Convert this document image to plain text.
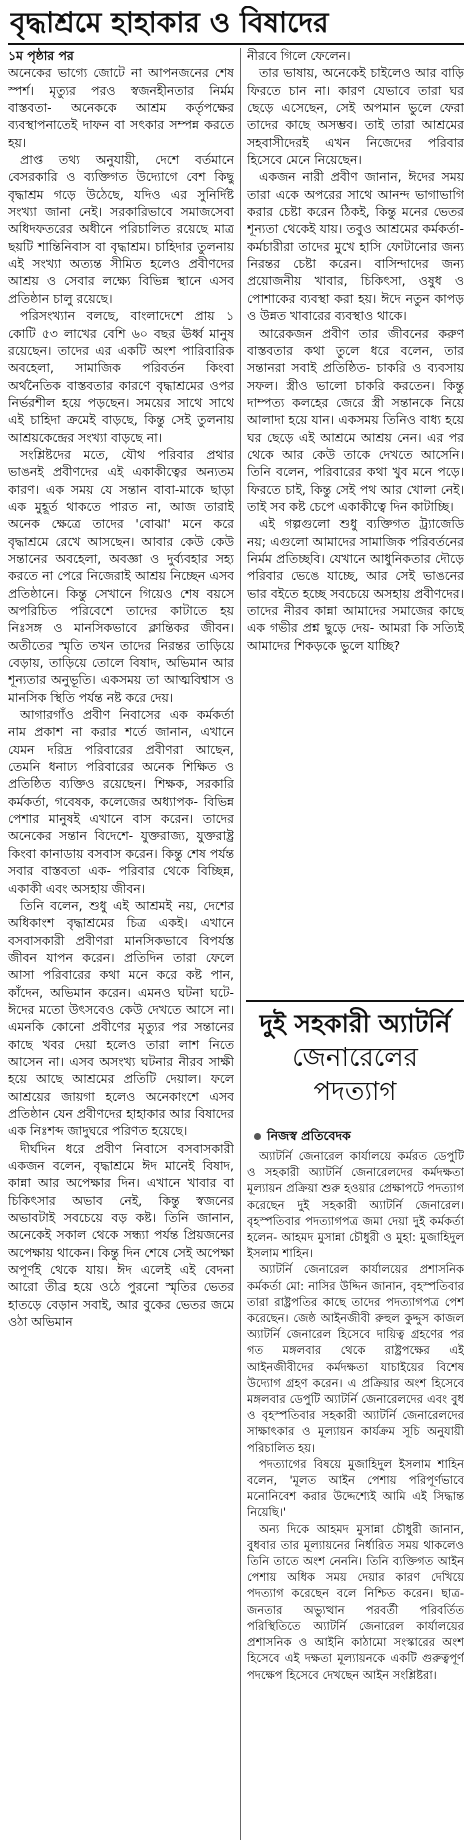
বৃদ্ধাশ্রমে হাহাকার ও বিষাদের

১ম পৃষ্ঠার পর

অনেকের ভাগ্যে জোটে না আপনজনের শেষ স্পর্শ। মৃত্যুর পরও স্বজনহীনতার নির্মম বাস্তবতা- অনেককে আশ্রম কর্তৃপক্ষের ব্যবস্থাপনাতেই দাফন বা সৎকার সম্পন্ন করতে হয়।

প্রাপ্ত তথ্য অনুযায়ী, দেশে বর্তমানে বেসরকারি ও ব্যক্তিগত উদ্যোগে বেশ কিছু বৃদ্ধাশ্রম গড়ে উঠেছে, যদিও এর সুনির্দিষ্ট সংখ্যা জানা নেই। সরকারিভাবে সমাজসেবা অধিদফতরের অধীনে পরিচালিত রয়েছে মাত্র ছয়টি শান্তিনিবাস বা বৃদ্ধাশ্রম। চাহিদার তুলনায় এই সংখ্যা অত্যন্ত সীমিত হলেও প্রবীণদের আশ্রয় ও সেবার লক্ষ্যে বিভিন্ন স্থানে এসব প্রতিষ্ঠান চালু রয়েছে।

পরিসংখ্যান বলছে, বাংলাদেশে প্রায় ১ কোটি ৫৩ লাখের বেশি ৬০ বছর ঊর্ধ্ব মানুষ রয়েছেন। তাদের এর একটি অংশ পারিবারিক অবহেলা, সামাজিক পরিবর্তন কিংবা অর্থনৈতিক বাস্তবতার কারণে বৃদ্ধাশ্রমের ওপর নির্ভরশীল হয়ে পড়ছেন। সময়ের সাথে সাথে এই চাহিদা ক্রমেই বাড়ছে, কিন্তু সেই তুলনায় আশ্রয়কেন্দ্রের সংখ্যা বাড়ছে না।

সংশ্লিষ্টদের মতে, যৌথ পরিবার প্রথার ভাঙনই প্রবীণদের এই একাকীত্বের অন্যতম কারণ। এক সময় যে সন্তান বাবা-মাকে ছাড়া এক মুহূর্ত থাকতে পারত না, আজ তারাই অনেক ক্ষেত্রে তাদের 'বোঝা' মনে করে বৃদ্ধাশ্রমে রেখে আসছেন। আবার কেউ কেউ সন্তানের অবহেলা, অবজ্ঞা ও দুর্ব্যবহার সহ্য করতে না পেরে নিজেরাই আশ্রয় নিচ্ছেন এসব প্রতিষ্ঠানে। কিন্তু সেখানে গিয়েও শেষ বয়সে অপরিচিত পরিবেশে তাদের কাটাতে হয় নিঃসঙ্গ ও মানসিকভাবে ক্লান্তিকর জীবন। অতীতের স্মৃতি তখন তাদের নিরন্তর তাড়িয়ে বেড়ায়, তাড়িয়ে তোলে বিষাদ, অভিমান আর শূন্যতার অনুভূতি। একসময় তা আত্মবিশ্বাস ও মানসিক স্থিতি পর্যন্ত নষ্ট করে দেয়।

আগারগাঁও প্রবীণ নিবাসের এক কর্মকর্তা নাম প্রকাশ না করার শর্তে জানান, এখানে যেমন দরিদ্র পরিবারের প্রবীণরা আছেন, তেমনি ধনাঢ্য পরিবারের অনেক শিক্ষিত ও প্রতিষ্ঠিত ব্যক্তিও রয়েছেন। শিক্ষক, সরকারি কর্মকর্তা, গবেষক, কলেজের অধ্যাপক- বিভিন্ন পেশার মানুষই এখানে বাস করেন। তাদের অনেকের সন্তান বিদেশে- যুক্তরাজ্য, যুক্তরাষ্ট্র কিংবা কানাডায় বসবাস করেন। কিন্তু শেষ পর্যন্ত সবার বাস্তবতা এক- পরিবার থেকে বিচ্ছিন্ন, একাকী এবং অসহায় জীবন।

তিনি বলেন, শুধু এই আশ্রমই নয়, দেশের অধিকাংশ বৃদ্ধাশ্রমের চিত্র একই। এখানে বসবাসকারী প্রবীণরা মানসিকভাবে বিপর্যস্ত জীবন যাপন করেন। প্রতিদিন তারা ফেলে আসা পরিবারের কথা মনে করে কষ্ট পান, কাঁদেন, অভিমান করেন। এমনও ঘটনা ঘটে- ঈদের মতো উৎসবেও কেউ দেখতে আসে না। এমনকি কোনো প্রবীণের মৃত্যুর পর সন্তানের কাছে খবর দেয়া হলেও তারা লাশ নিতে আসেন না। এসব অসংখ্য ঘটনার নীরব সাক্ষী হয়ে আছে আশ্রমের প্রতিটি দেয়াল। ফলে আশ্রয়ের জায়গা হলেও অনেকাংশে এসব প্রতিষ্ঠান যেন প্রবীণদের হাহাকার আর বিষাদের এক নিঃশব্দ জাদুঘরে পরিণত হয়েছে।

দীর্ঘদিন ধরে প্রবীণ নিবাসে বসবাসকারী একজন বলেন, বৃদ্ধাশ্রমে ঈদ মানেই বিষাদ, কান্না আর অপেক্ষার দিন। এখানে খাবার বা চিকিৎসার অভাব নেই, কিন্তু স্বজনের অভাবটাই সবচেয়ে বড় কষ্ট। তিনি জানান, অনেকেই সকাল থেকে সন্ধ্যা পর্যন্ত প্রিয়জনের অপেক্ষায় থাকেন। কিন্তু দিন শেষে সেই অপেক্ষা অপূর্ণই থেকে যায়। ঈদ এলেই এই বেদনা আরো তীব্র হয়ে ওঠে পুরনো স্মৃতির ভেতর হাতড়ে বেড়ান সবাই, আর বুকের ভেতর জমে ওঠা অভিমান

নীরবে গিলে ফেলেন।

তার ভাষায়, অনেকেই চাইলেও আর বাড়ি ফিরতে চান না। কারণ যেভাবে তারা ঘর ছেড়ে এসেছেন, সেই অপমান ভুলে ফেরা তাদের কাছে অসম্ভব। তাই তারা আশ্রমের সহবাসীদেরই এখন নিজেদের পরিবার হিসেবে মেনে নিয়েছেন।

একজন নারী প্রবীণ জানান, ঈদের সময় তারা একে অপরের সাথে আনন্দ ভাগাভাগি করার চেষ্টা করেন ঠিকই, কিন্তু মনের ভেতর শূন্যতা থেকেই যায়। তবুও আশ্রমের কর্মকর্তা-কর্মচারীরা তাদের মুখে হাসি ফোটানোর জন্য নিরন্তর চেষ্টা করেন। বাসিন্দাদের জন্য প্রয়োজনীয় খাবার, চিকিৎসা, ওষুধ ও পোশাকের ব্যবস্থা করা হয়। ঈদে নতুন কাপড় ও উন্নত খাবারের ব্যবস্থাও থাকে।

আরেকজন প্রবীণ তার জীবনের করুণ বাস্তবতার কথা তুলে ধরে বলেন, তার সন্তানরা সবাই প্রতিষ্ঠিত- চাকরি ও ব্যবসায় সফল। স্ত্রীও ভালো চাকরি করতেন। কিন্তু দাম্পত্য কলহের জেরে স্ত্রী সন্তানকে নিয়ে আলাদা হয়ে যান। একসময় তিনিও বাধ্য হয়ে ঘর ছেড়ে এই আশ্রমে আশ্রয় নেন। এর পর থেকে আর কেউ তাকে দেখতে আসেনি। তিনি বলেন, পরিবারের কথা খুব মনে পড়ে। ফিরতে চাই, কিন্তু সেই পথ আর খোলা নেই। তাই সব কষ্ট চেপে একাকীত্বে দিন কাটাচ্ছি।

এই গল্পগুলো শুধু ব্যক্তিগত ট্র্যাজেডি নয়; এগুলো আমাদের সামাজিক পরিবর্তনের নির্মম প্রতিচ্ছবি। যেখানে আধুনিকতার দৌড়ে পরিবার ভেঙে যাচ্ছে, আর সেই ভাঙনের ভার বইতে হচ্ছে সবচেয়ে অসহায় প্রবীণদের। তাদের নীরব কান্না আমাদের সমাজের কাছে এক গভীর প্রশ্ন ছুড়ে দেয়- আমরা কি সত্যিই আমাদের শিকড়কে ভুলে যাচ্ছি?

দুই সহকারী অ্যাটর্নি
জেনারেলের
পদত্যাগ
নিজস্ব প্রতিবেদক

অ্যাটর্নি জেনারেল কার্যালয়ে কর্মরত ডেপুটি ও সহকারী অ্যাটর্নি জেনারেলদের কর্মদক্ষতা মূল্যায়ন প্রক্রিয়া শুরু হওয়ার প্রেক্ষাপটে পদত্যাগ করেছেন দুই সহকারী অ্যাটর্নি জেনারেল। বৃহস্পতিবার পদত্যাগপত্র জমা দেয়া দুই কর্মকর্তা হলেন- আহমদ মুসান্না চৌধুরী ও মুহা: মুজাহিদুল ইসলাম শাহিন।

অ্যাটর্নি জেনারেল কার্যালয়ের প্রশাসনিক কর্মকর্তা মো: নাসির উদ্দিন জানান, বৃহস্পতিবার তারা রাষ্ট্রপতির কাছে তাদের পদত্যাগপত্র পেশ করেছেন। জেষ্ঠ আইনজীবী রুহুল কুদ্দুস কাজল অ্যাটর্নি জেনারেল হিসেবে দায়িত্ব গ্রহণের পর গত মঙ্গলবার থেকে রাষ্ট্রপক্ষের এই আইনজীবীদের কর্মদক্ষতা যাচাইয়ের বিশেষ উদ্যোগ গ্রহণ করেন। এ প্রক্রিয়ার অংশ হিসেবে মঙ্গলবার ডেপুটি অ্যাটর্নি জেনারেলদের এবং বুধ ও বৃহস্পতিবার সহকারী অ্যাটর্নি জেনারেলদের সাক্ষাৎকার ও মূল্যায়ন কার্যক্রম সূচি অনুযায়ী পরিচালিত হয়।

পদত্যাগের বিষয়ে মুজাহিদুল ইসলাম শাহিন বলেন, 'মূলত আইন পেশায় পরিপূর্ণভাবে মনোনিবেশ করার উদ্দেশ্যেই আমি এই সিদ্ধান্ত নিয়েছি।'

অন্য দিকে আহমদ মুসান্না চৌধুরী জানান, বুধবার তার মূল্যায়নের নির্ধারিত সময় থাকলেও তিনি তাতে অংশ নেননি। তিনি ব্যক্তিগত আইন পেশায় অধিক সময় দেয়ার কারণ দেখিয়ে পদত্যাগ করেছেন বলে নিশ্চিত করেন। ছাত্র-জনতার অভ্যুত্থান পরবর্তী পরিবর্তিত পরিস্থিতিতে অ্যাটর্নি জেনারেল কার্যালয়ের প্রশাসনিক ও আইনি কাঠামো সংস্কারের অংশ হিসেবে এই দক্ষতা মূল্যায়নকে একটি গুরুত্বপূর্ণ পদক্ষেপ হিসেবে দেখছেন আইন সংশ্লিষ্টরা।
